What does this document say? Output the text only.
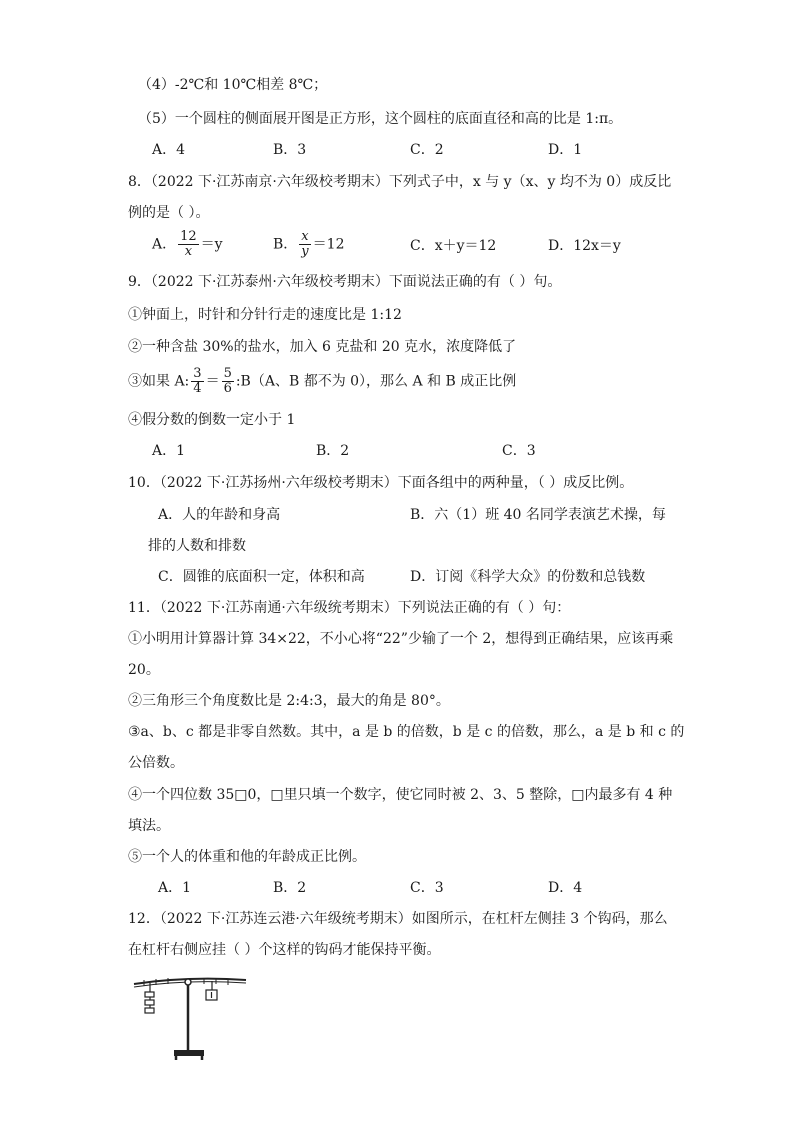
（4）-2℃和 10℃相差 8℃；
（5）一个圆柱的侧面展开图是正方形，这个圆柱的底面直径和高的比是 1:π。
A．4	B．3	C．2	D．1
8．（2022 下·江苏南京·六年级校考期末）下列式子中，x 与 y（x、y 均不为 0）成反比
例的是（ ）。
A． $\frac{12}{x} =y$	B． $\frac{x}{y} =12$	C．x＋y＝12	D．12x＝y
9．（2022 下·江苏泰州·六年级校考期末）下面说法正确的有（ ）句。
①钟面上，时针和分针行走的速度比是 1:12
②一种含盐 30%的盐水，加入 6 克盐和 20 克水，浓度降低了
③如果 A: $\frac{3}{4} = \frac{5}{6}$ :B（A、B 都不为 0），那么 A 和 B 成正比例
④假分数的倒数一定小于 1
A．1	B．2	C．3
10．（2022 下·江苏扬州·六年级校考期末）下面各组中的两种量，（ ）成反比例。
A．人的年龄和身高	B．六（1）班 40 名同学表演艺术操，每
排的人数和排数
C．圆锥的底面积一定，体积和高	D．订阅《科学大众》的份数和总钱数
11．（2022 下·江苏南通·六年级统考期末）下列说法正确的有（ ）句：
①小明用计算器计算 34×22，不小心将“22”少输了一个 2，想得到正确结果，应该再乘
20。
②三角形三个角度数比是 2:4:3，最大的角是 80°。
③a、b、c 都是非零自然数。其中，a 是 b 的倍数，b 是 c 的倍数，那么，a 是 b 和 c 的
公倍数。
④一个四位数 35□0，□里只填一个数字，使它同时被 2、3、5 整除，□内最多有 4 种
填法。
⑤一个人的体重和他的年龄成正比例。
A．1	B．2	C．3	D．4
12．（2022 下·江苏连云港·六年级统考期末）如图所示，在杠杆左侧挂 3 个钩码，那么
在杠杆右侧应挂（ ）个这样的钩码才能保持平衡。
